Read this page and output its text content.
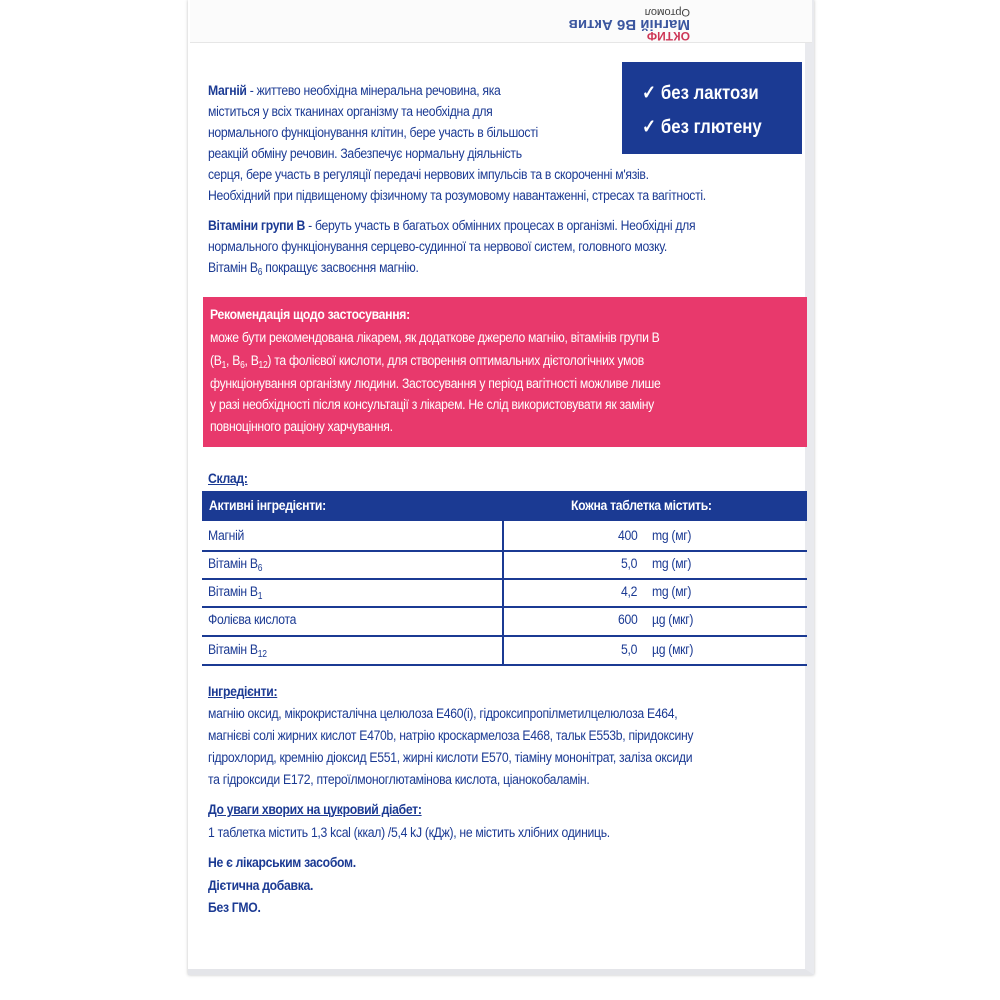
ОКТИФ
Магній В6 Актив
Ортомол
Магній - життево необхідна мінеральна речовина, яка
міститься у всіх тканинах організму та необхідна для
нормального функціонування клітин, бере участь в більшості
реакцій обміну речовин. Забезпечує нормальну діяльність
серця, бере участь в регуляції передачі нервових імпульсів та в скороченні м'язів.
Необхідний при підвищеному фізичному та розумовому навантаженні, стресах та вагітності.
Вітаміни групи В - беруть участь в багатьох обмінних процесах в організмі. Необхідні для
нормального функціонування серцево-судинної та нервової систем, головного мозку.
Вітамін $В_6$ покращує засвоєння магнію.
✓ без лактози
✓ без глютену
Рекомендація щодо застосування:
може бути рекомендована лікарем, як додаткове джерело магнію, вітамінів групи В
($В_1$, $В_6$, $В_{12}$) та фолієвої кислоти, для створення оптимальних дієтологічних умов
функціонування організму людини. Застосування у період вагітності можливе лише
у разі необхідності після консультації з лікарем. Не слід використовувати як заміну
повноцінного раціону харчування.
Склад:
Активні інгредієнти:	Кожна таблетка містить:
Магній
Вітамін $В_6$
Вітамін $В_1$
Фолієва кислота
Вітамін $В_{12}$
400
5,0
4,2
600
5,0
mg (мг)
mg (мг)
mg (мг)
µg (мкг)
µg (мкг)
Інгредієнти:
магнію оксид, мікрокристалічна целюлоза Е460(і), гідроксипропілметилцелюлоза Е464,
магнієві солі жирних кислот Е470b, натрію кроскармелоза Е468, тальк Е553b, піридоксину
гідрохлорид, кремнію діоксид Е551, жирні кислоти Е570, тіаміну мононітрат, заліза оксиди
та гідроксиди Е172, птероїлмоноглютамінова кислота, ціанокобаламін.
До уваги хворих на цукровий діабет:
1 таблетка містить 1,3 kcal (ккал) /5,4 kJ (кДж), не містить хлібних одиниць.
Не є лікарським засобом.
Дієтична добавка.
Без ГМО.
